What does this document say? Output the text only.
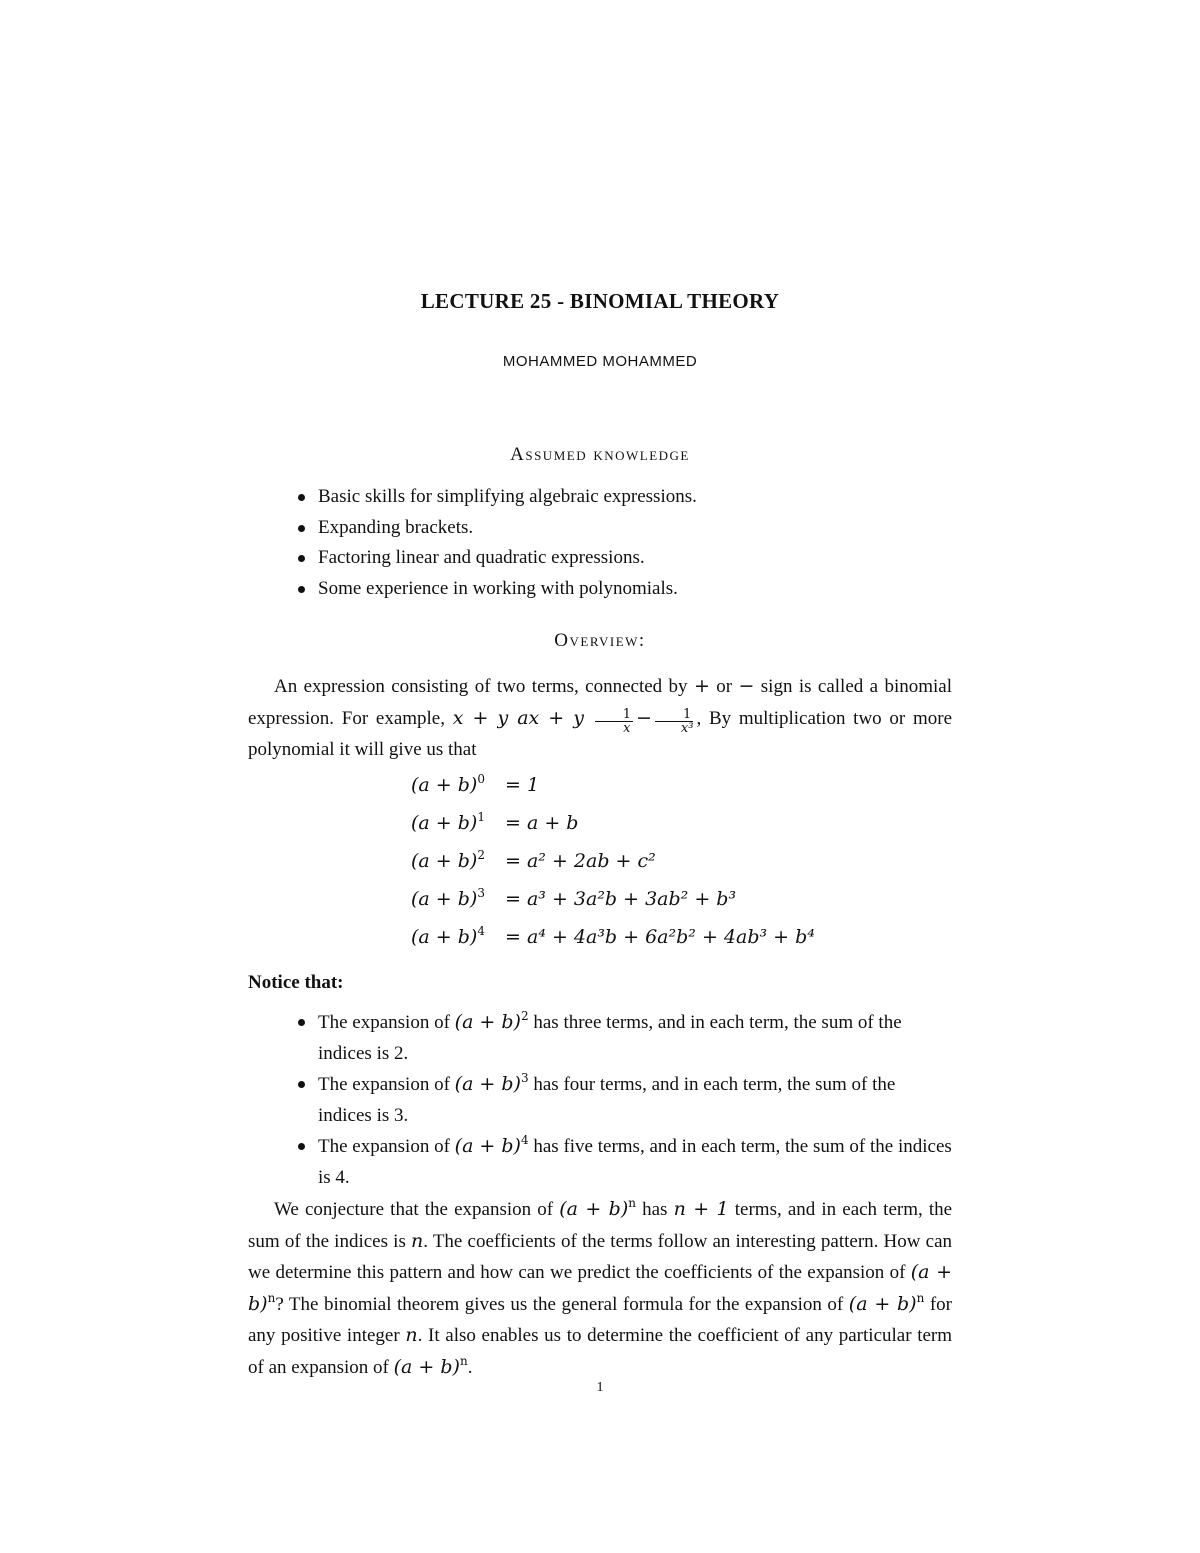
LECTURE 25 - BINOMIAL THEORY
MOHAMMED MOHAMMED
Assumed knowledge
Basic skills for simplifying algebraic expressions.
Expanding brackets.
Factoring linear and quadratic expressions.
Some experience in working with polynomials.
Overview:
An expression consisting of two terms, connected by + or − sign is called a binomial expression. For example, x + y ax + y $\frac{1}{x} - \frac{1}{\text{x³}}$ , By multiplication two or more polynomial it will give us that
$(a + b)^0 = 1$
$(a + b)^1 = a + b$
$(a + b)^2 = a^2 + 2ab + c^2$
$(a + b)^3 = a^3 + 3a^2b + 3ab^2 + b^3$
$(a + b)^4 = a^4 + 4a^3b + 6a^2b^2 + 4ab^3 + b^4$
Notice that:
The expansion of $(a + b)^2$ has three terms, and in each term, the sum of the indices is 2.
The expansion of $(a + b)^3$ has four terms, and in each term, the sum of the indices is 3.
The expansion of $(a + b)^4$ has five terms, and in each term, the sum of the indices is 4.
We conjecture that the expansion of $(a + b)^n$ has n + 1 terms, and in each term, the sum of the indices is n. The coefficients of the terms follow an interesting pattern. How can we determine this pattern and how can we predict the coefficients of the expansion of $(a + b)^n$? The binomial theorem gives us the general formula for the expansion of $(a + b)^n$ for any positive integer n. It also enables us to determine the coefficient of any particular term of an expansion of $(a + b)^n$.
1
